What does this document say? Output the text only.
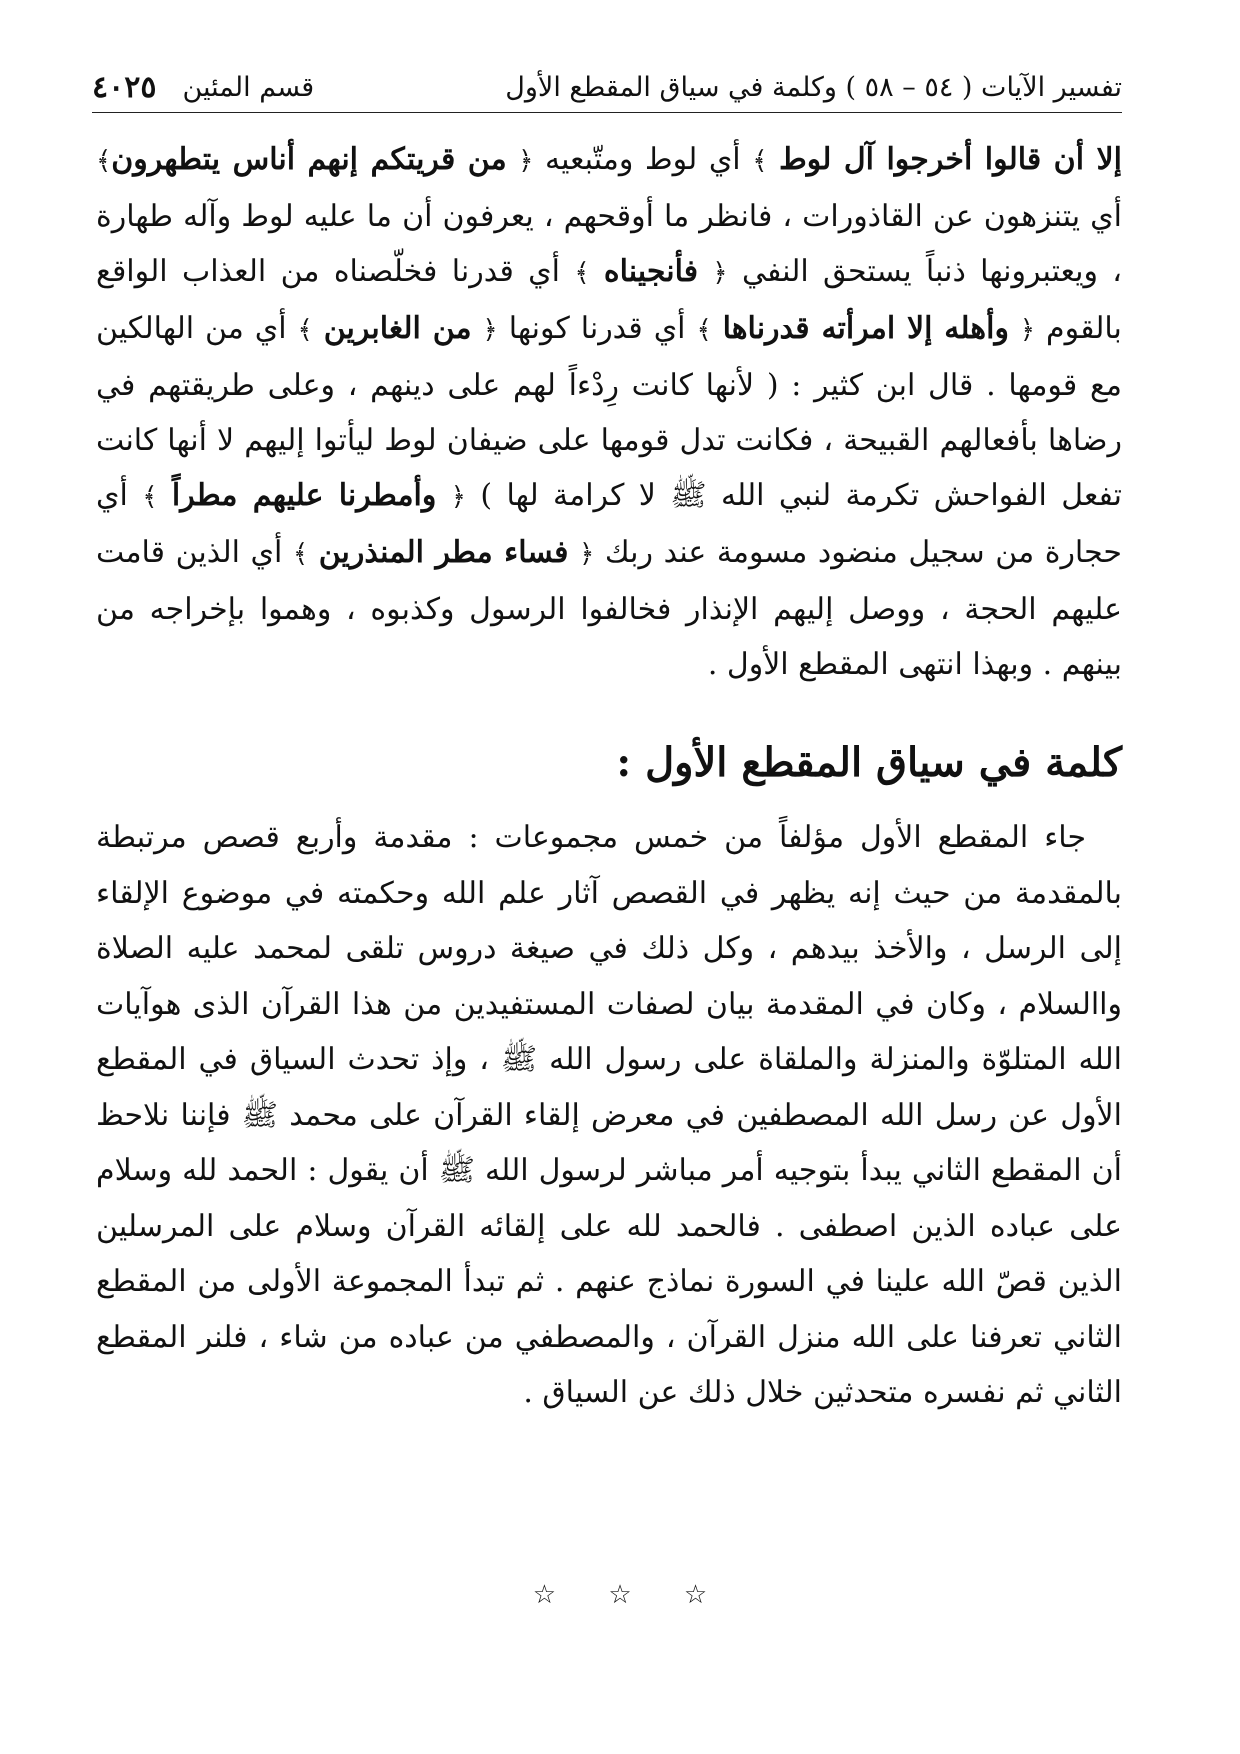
تفسير الآيات ( ٥٤ – ٥٨ ) وكلمة في سياق المقطع الأول
قسم المئين
٤٠٢٥

إلا أن قالوا أخرجوا آل لوط ﴾ أي لوط ومتّبعيه ﴿ من قريتكم إنهم أناس يتطهرون﴾ أي يتنزهون عن القاذورات ، فانظر ما أوقحهم ، يعرفون أن ما عليه لوط وآله طهارة ، ويعتبرونها ذنباً يستحق النفي ﴿ فأنجيناه ﴾ أي قدرنا فخلّصناه من العذاب الواقع بالقوم ﴿ وأهله إلا امرأته قدرناها ﴾ أي قدرنا كونها ﴿ من الغابرين ﴾ أي من الهالكين مع قومها . قال ابن كثير : ( لأنها كانت رِدْءاً لهم على دينهم ، وعلى طريقتهم في رضاها بأفعالهم القبيحة ، فكانت تدل قومها على ضيفان لوط ليأتوا إليهم لا أنها كانت تفعل الفواحش تكرمة لنبي الله ﷺ لا كرامة لها ) ﴿ وأمطرنا عليهم مطراً ﴾ أي حجارة من سجيل منضود مسومة عند ربك ﴿ فساء مطر المنذرين ﴾ أي الذين قامت عليهم الحجة ، ووصل إليهم الإنذار فخالفوا الرسول وكذبوه ، وهموا بإخراجه من بينهم . وبهذا انتهى المقطع الأول .

كلمة في سياق المقطع الأول :

جاء المقطع الأول مؤلفاً من خمس مجموعات : مقدمة وأربع قصص مرتبطة بالمقدمة من حيث إنه يظهر في القصص آثار علم الله وحكمته في موضوع الإلقاء إلى الرسل ، والأخذ بيدهم ، وكل ذلك في صيغة دروس تلقى لمحمد عليه الصلاة واالسلام ، وكان في المقدمة بيان لصفات المستفيدين من هذا القرآن الذى هوآيات الله المتلوّة والمنزلة والملقاة على رسول الله ﷺ ، وإذ تحدث السياق في المقطع الأول عن رسل الله المصطفين في معرض إلقاء القرآن على محمد ﷺ فإننا نلاحظ أن المقطع الثاني يبدأ بتوجيه أمر مباشر لرسول الله ﷺ أن يقول : الحمد لله وسلام على عباده الذين اصطفى . فالحمد لله على إلقائه القرآن وسلام على المرسلين الذين قصّ الله علينا في السورة نماذج عنهم . ثم تبدأ المجموعة الأولى من المقطع الثاني تعرفنا على الله منزل القرآن ، والمصطفي من عباده من شاء ، فلنر المقطع الثاني ثم نفسره متحدثين خلال ذلك عن السياق .

☆ ☆ ☆
